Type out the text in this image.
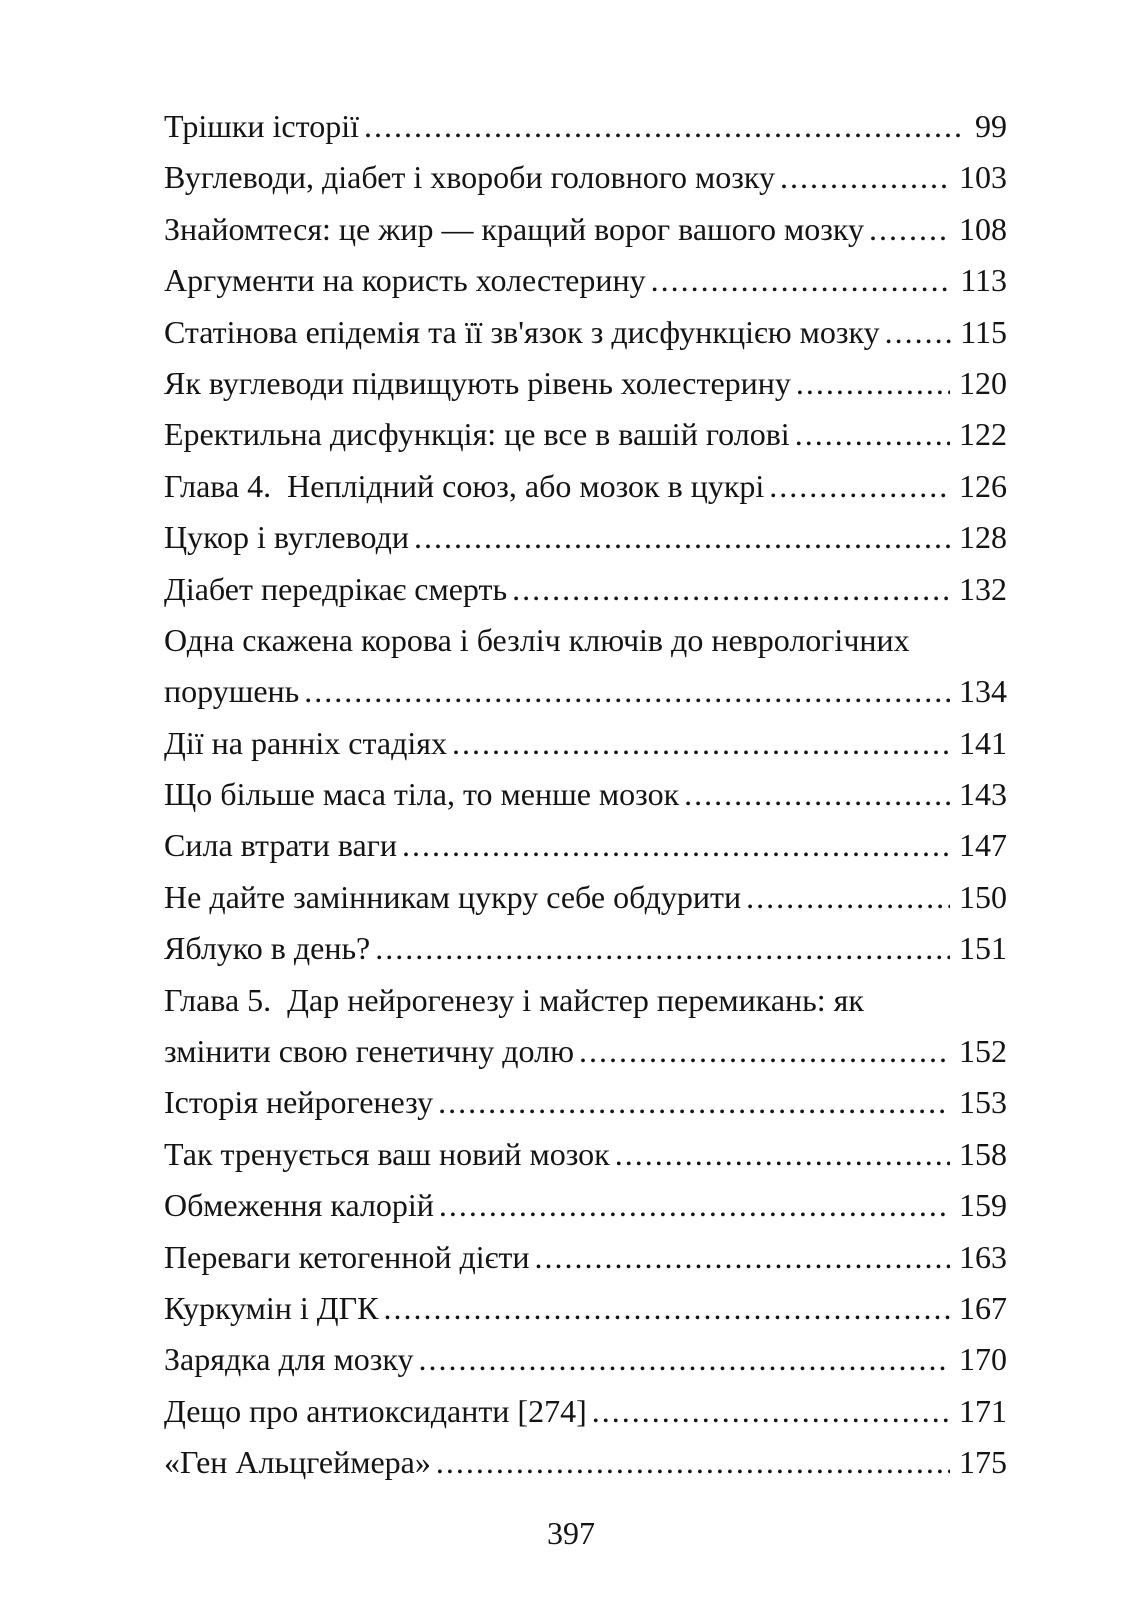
Трішки історії .....	99
Вуглеводи, діабет і хвороби головного мозку .....	103
Знайомтеся: це жир — кращий ворог вашого мозку .....	108
Аргументи на користь холестерину .....	113
Статінова епідемія та її зв'язок з дисфункцією мозку .....	115
Як вуглеводи підвищують рівень холестерину .....	120
Еректильна дисфункція: це все в вашій голові .....	122
Глава 4.  Неплідний союз, або мозок в цукрі .....	126
Цукор і вуглеводи .....	128
Діабет передрікає смерть .....	132
Одна скажена корова і безліч ключів до неврологічних
порушень .....	134
Дії на ранніх стадіях .....	141
Що більше маса тіла, то менше мозок .....	143
Сила втрати ваги .....	147
Не дайте замінникам цукру себе обдурити .....	150
Яблуко в день? .....	151
Глава 5.  Дар нейрогенезу і майстер перемикань: як
змінити свою генетичну долю .....	152
Історія нейрогенезу .....	153
Так тренується ваш новий мозок .....	158
Обмеження калорій .....	159
Переваги кетогенной дієти .....	163
Куркумін і ДГК .....	167
Зарядка для мозку .....	170
Дещо про антиоксиданти [274] .....	171
«Ген Альцгеймера» .....	175
397
